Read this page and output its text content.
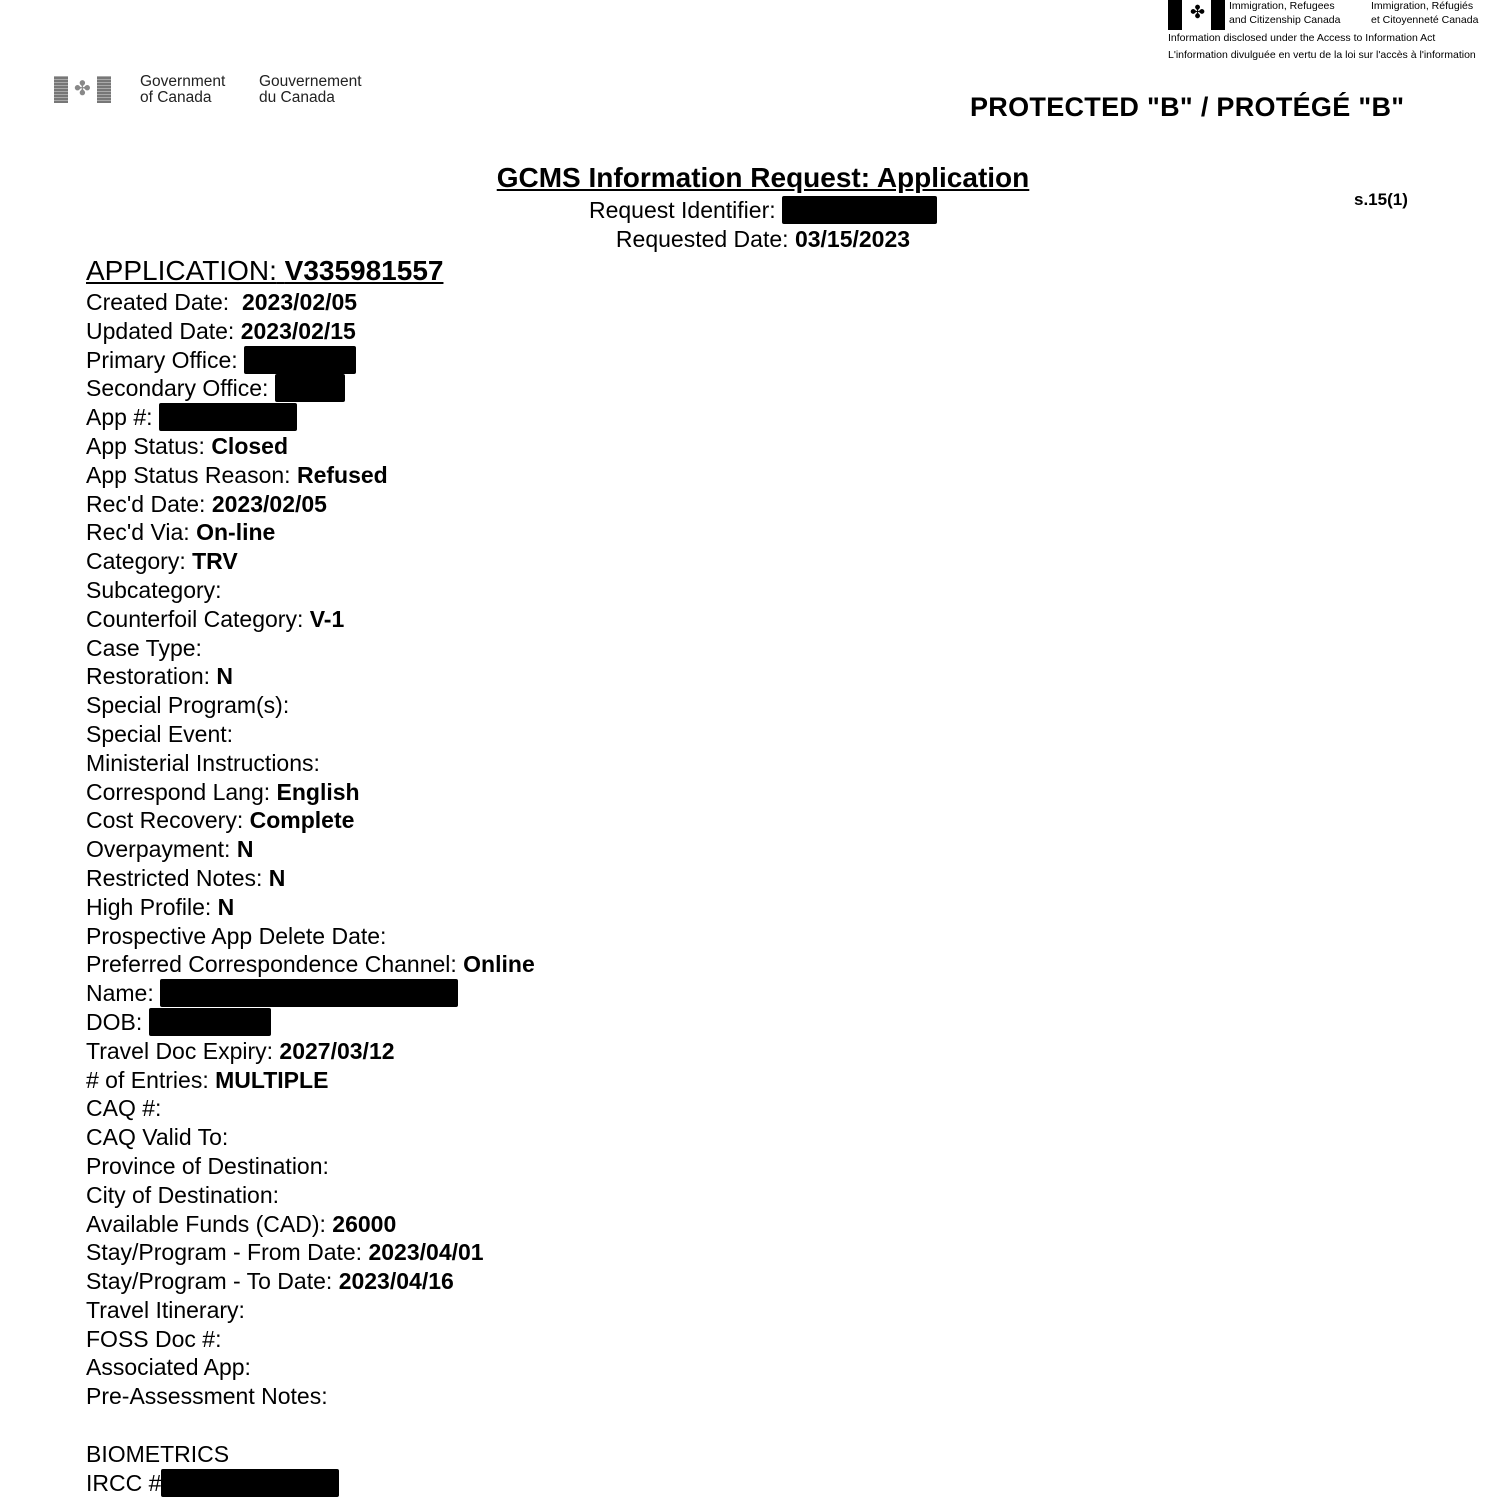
✤ Immigration, Refugees
and Citizenship Canada
Immigration, Réfugiés
et Citoyenneté Canada
Information disclosed under the Access to Information Act
L'information divulguée en vertu de la loi sur l'accès à l'information
✤	Government
of Canada
Gouvernement
du Canada	PROTECTED "B" / PROTÉGÉ "B"
GCMS Information Request: Application
Request Identifier:
Requested Date: 03/15/2023
s.15(1)
APPLICATION: V335981557
Created Date:  2023/02/05
Updated Date: 2023/02/15
Primary Office:
Secondary Office:
App #:
App Status: Closed
App Status Reason: Refused
Rec'd Date: 2023/02/05
Rec'd Via: On-line
Category: TRV
Subcategory:
Counterfoil Category: V-1
Case Type:
Restoration: N
Special Program(s):
Special Event:
Ministerial Instructions:
Correspond Lang: English
Cost Recovery: Complete
Overpayment: N
Restricted Notes: N
High Profile: N
Prospective App Delete Date:
Preferred Correspondence Channel: Online
Name:
DOB:
Travel Doc Expiry: 2027/03/12
# of Entries: MULTIPLE
CAQ #:
CAQ Valid To:
Province of Destination:
City of Destination:
Available Funds (CAD): 26000
Stay/Program - From Date: 2023/04/01
Stay/Program - To Date: 2023/04/16
Travel Itinerary:
FOSS Doc #:
Associated App:
Pre-Assessment Notes:
BIOMETRICS
IRCC #
